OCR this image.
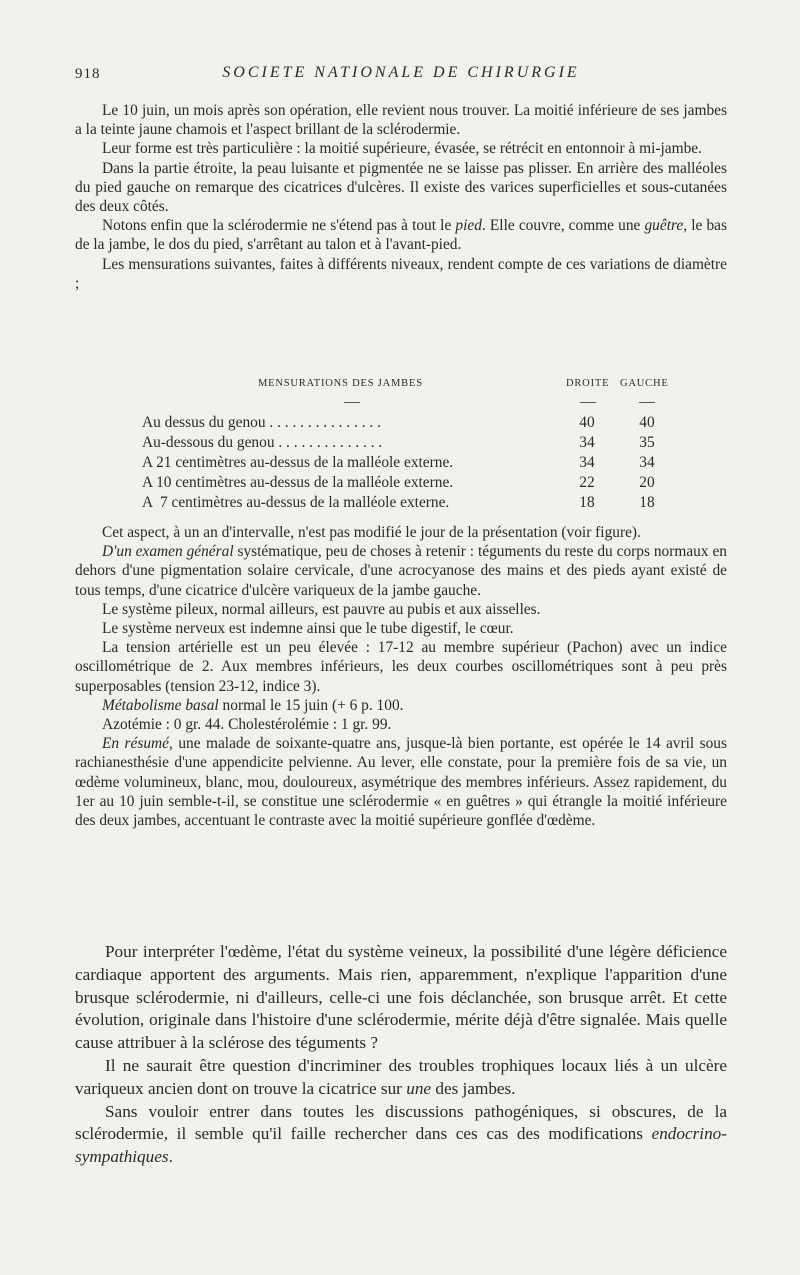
918	SOCIETE NATIONALE DE CHIRURGIE

Le 10 juin, un mois après son opération, elle revient nous trouver. La moitié inférieure de ses jambes a la teinte jaune chamois et l'aspect brillant de la sclérodermie.

Leur forme est très particulière : la moitié supérieure, évasée, se rétrécit en entonnoir à mi-jambe.

Dans la partie étroite, la peau luisante et pigmentée ne se laisse pas plisser. En arrière des malléoles du pied gauche on remarque des cicatrices d'ulcères. Il existe des varices superficielles et sous-cutanées des deux côtés.

Notons enfin que la sclérodermie ne s'étend pas à tout le pied. Elle couvre, comme une guêtre, le bas de la jambe, le dos du pied, s'arrêtant au talon et à l'avant-pied.

Les mensurations suivantes, faites à différents niveaux, rendent compte de ces variations de diamètre ;

MENSURATIONS DES JAMBES	DROITE GAUCHE
Au dessus du genou . . . . . . . . . . . . . . .	40	40
Au-dessous du genou . . . . . . . . . . . . . .	34	35
A 21 centimètres au-dessus de la malléole externe.	34	34
A 10 centimètres au-dessus de la malléole externe.	22	20
A  7 centimètres au-dessus de la malléole externe.	18	18

Cet aspect, à un an d'intervalle, n'est pas modifié le jour de la présentation (voir figure).

D'un examen général systématique, peu de choses à retenir : téguments du reste du corps normaux en dehors d'une pigmentation solaire cervicale, d'une acrocyanose des mains et des pieds ayant existé de tous temps, d'une cicatrice d'ulcère variqueux de la jambe gauche.

Le système pileux, normal ailleurs, est pauvre au pubis et aux aisselles.

Le système nerveux est indemne ainsi que le tube digestif, le cœur.

La tension artérielle est un peu élevée : 17-12 au membre supérieur (Pachon) avec un indice oscillométrique de 2. Aux membres inférieurs, les deux courbes oscillométriques sont à peu près superposables (tension 23-12, indice 3).

Métabolisme basal normal le 15 juin (+ 6 p. 100.

Azotémie : 0 gr. 44. Cholestérolémie : 1 gr. 99.

En résumé, une malade de soixante-quatre ans, jusque-là bien portante, est opérée le 14 avril sous rachianesthésie d'une appendicite pelvienne. Au lever, elle constate, pour la première fois de sa vie, un œdème volumineux, blanc, mou, douloureux, asymétrique des membres inférieurs. Assez rapidement, du 1er au 10 juin semble-t-il, se constitue une sclérodermie « en guêtres » qui étrangle la moitié inférieure des deux jambes, accentuant le contraste avec la moitié supérieure gonflée d'œdème.

Pour interpréter l'œdème, l'état du système veineux, la possibilité d'une légère déficience cardiaque apportent des arguments. Mais rien, apparemment, n'explique l'apparition d'une brusque sclérodermie, ni d'ailleurs, celle-ci une fois déclanchée, son brusque arrêt. Et cette évolution, originale dans l'histoire d'une sclérodermie, mérite déjà d'être signalée. Mais quelle cause attribuer à la sclérose des téguments ?

Il ne saurait être question d'incriminer des troubles trophiques locaux liés à un ulcère variqueux ancien dont on trouve la cicatrice sur une des jambes.

Sans vouloir entrer dans toutes les discussions pathogéniques, si obscures, de la sclérodermie, il semble qu'il faille rechercher dans ces cas des modifications endocrino-sympathiques.
